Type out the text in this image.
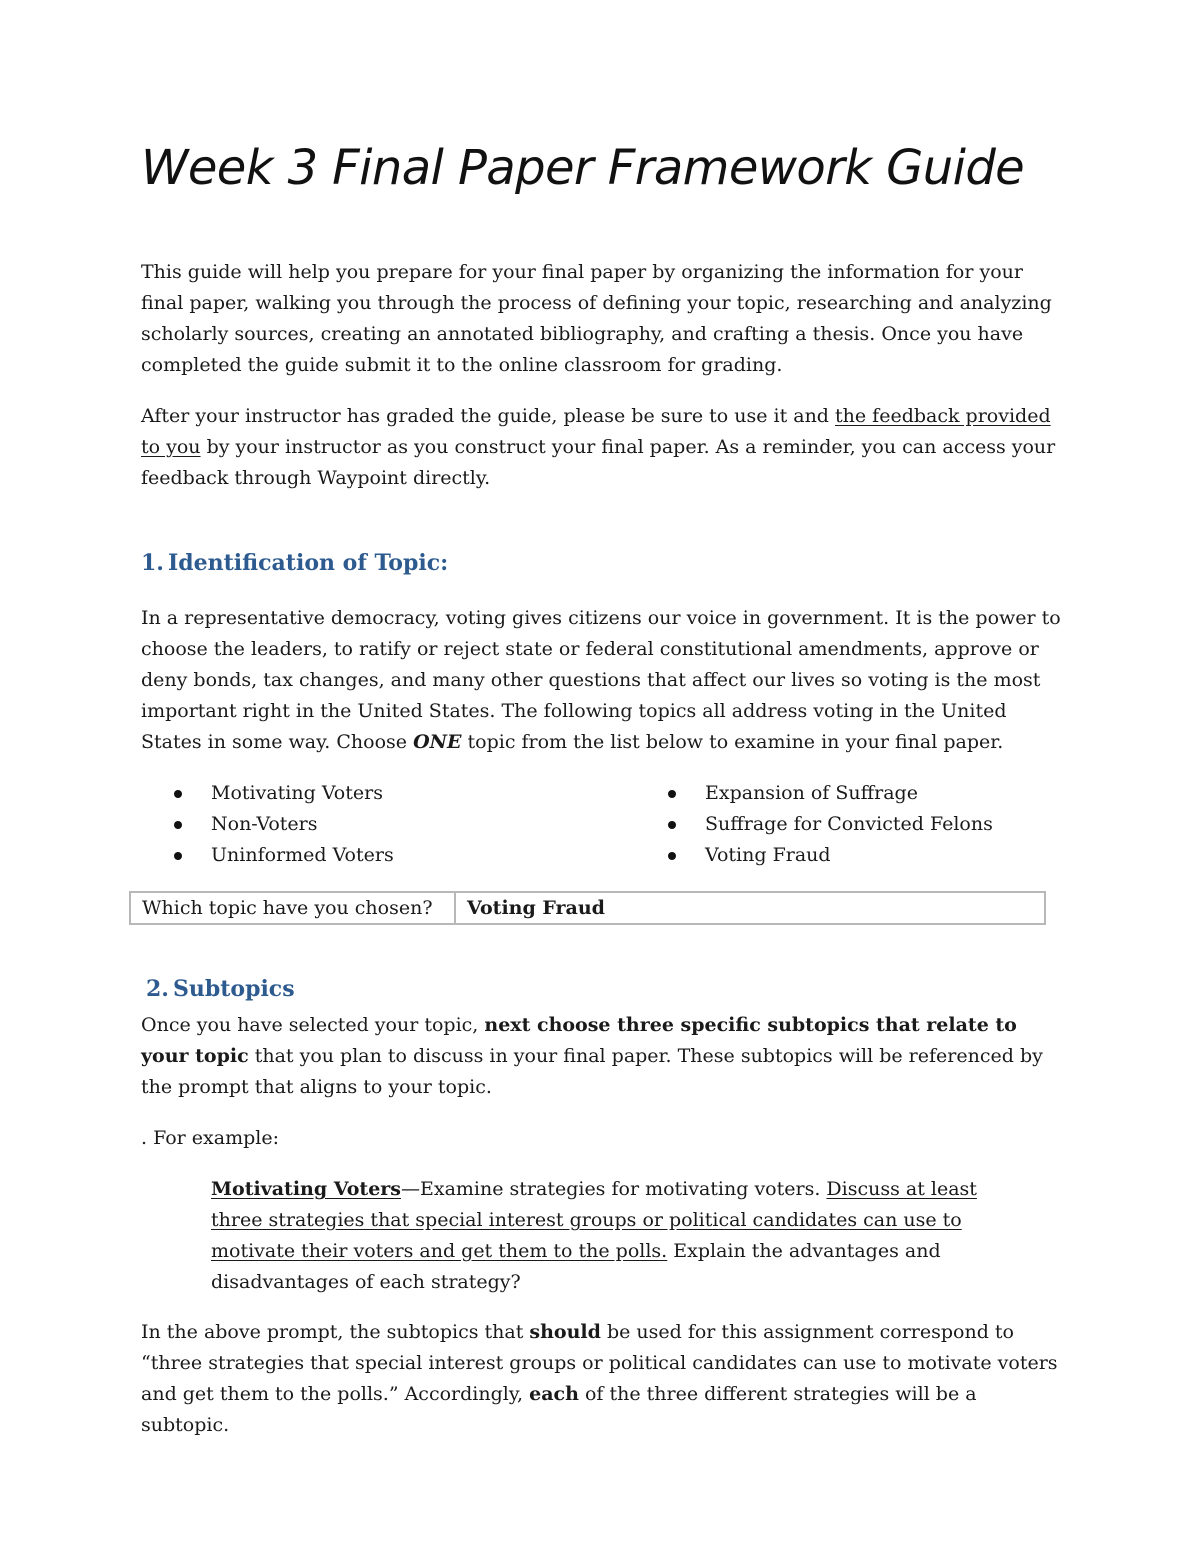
Week 3 Final Paper Framework Guide

This guide will help you prepare for your final paper by organizing the information for your final paper, walking you through the process of defining your topic, researching and analyzing scholarly sources, creating an annotated bibliography, and crafting a thesis. Once you have completed the guide submit it to the online classroom for grading.

After your instructor has graded the guide, please be sure to use it and the feedback provided to you by your instructor as you construct your final paper. As a reminder, you can access your feedback through Waypoint directly.

1. Identification of Topic:

In a representative democracy, voting gives citizens our voice in government. It is the power to choose the leaders, to ratify or reject state or federal constitutional amendments, approve or deny bonds, tax changes, and many other questions that affect our lives so voting is the most important right in the United States. The following topics all address voting in the United States in some way. Choose ONE topic from the list below to examine in your final paper.

Motivating Voters
Non-Voters
Uninformed Voters
Expansion of Suffrage
Suffrage for Convicted Felons
Voting Fraud
Which topic have you chosen?	Voting Fraud
2. Subtopics

Once you have selected your topic, next choose three specific subtopics that relate to your topic that you plan to discuss in your final paper. These subtopics will be referenced by the prompt that aligns to your topic.

. For example:

Motivating Voters—Examine strategies for motivating voters. Discuss at least three strategies that special interest groups or political candidates can use to motivate their voters and get them to the polls. Explain the advantages and disadvantages of each strategy?

In the above prompt, the subtopics that should be used for this assignment correspond to “three strategies that special interest groups or political candidates can use to motivate voters and get them to the polls.” Accordingly, each of the three different strategies will be a subtopic.
